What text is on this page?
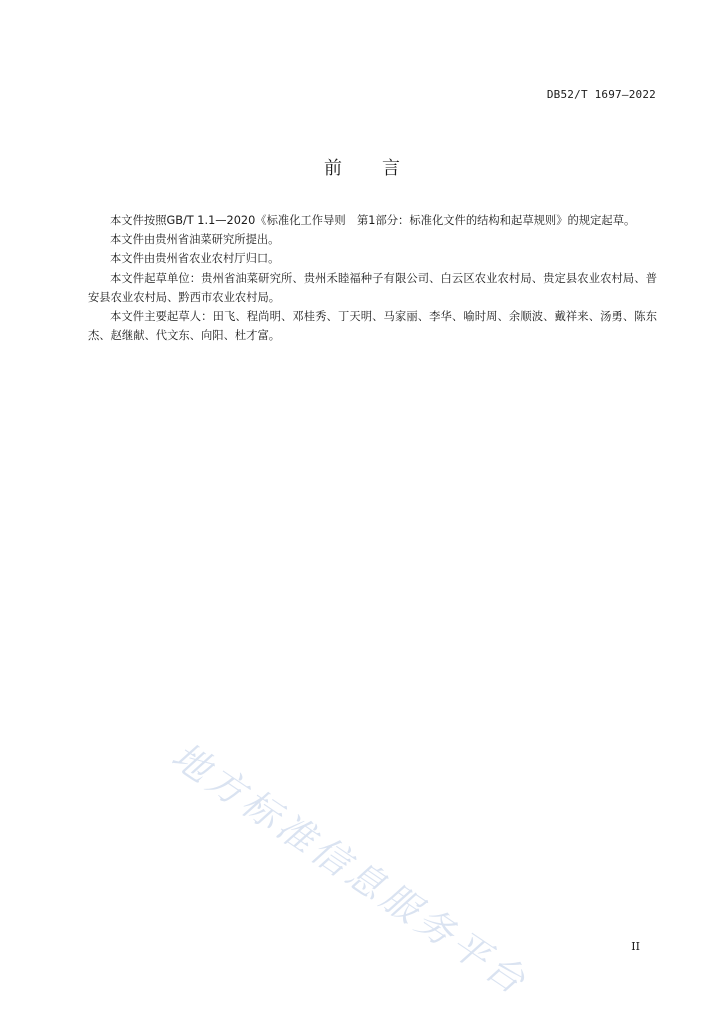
DB52/T 1697—2022
前言

本文件按照GB/T 1.1—2020《标准化工作导则　第1部分：标准化文件的结构和起草规则》的规定起草。

本文件由贵州省油菜研究所提出。

本文件由贵州省农业农村厅归口。

本文件起草单位：贵州省油菜研究所、贵州禾睦福种子有限公司、白云区农业农村局、贵定县农业农村局、普安县农业农村局、黔西市农业农村局。

本文件主要起草人：田飞、程尚明、邓桂秀、丁天明、马家丽、李华、喻时周、余顺波、戴祥来、汤勇、陈东杰、赵继献、代文东、向阳、杜才富。

地方标准信息服务平台	II
